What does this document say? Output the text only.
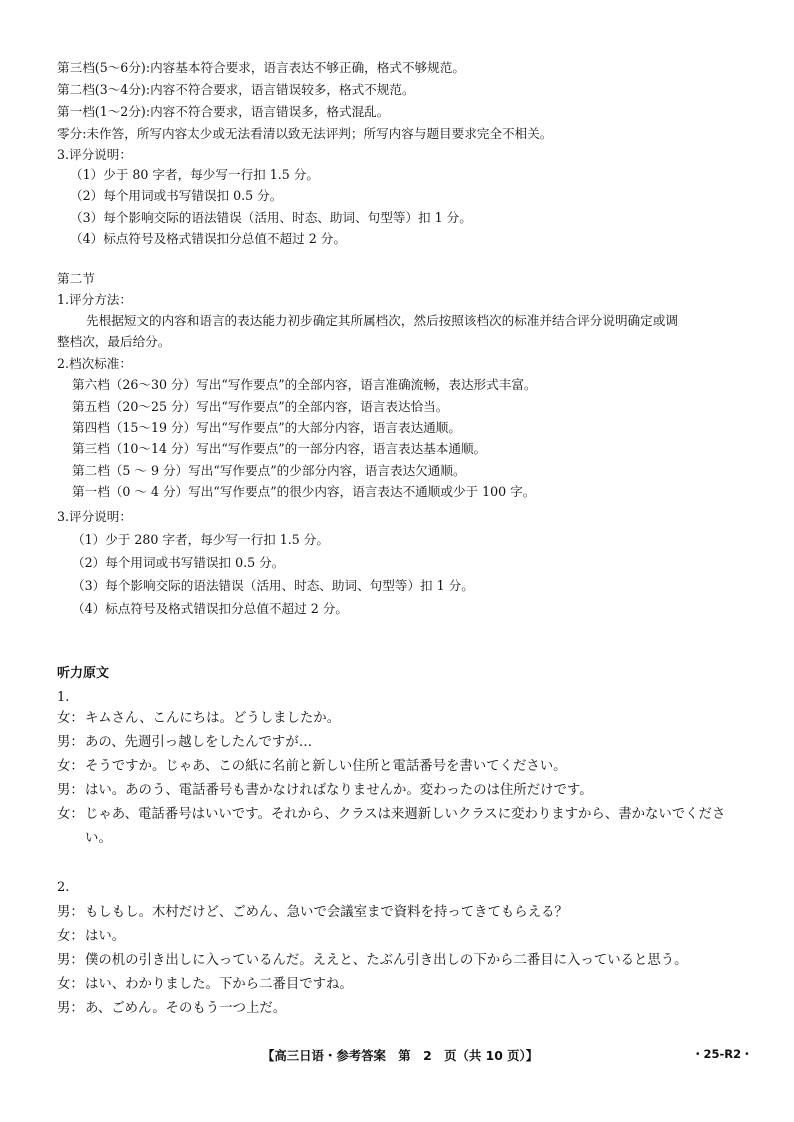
第三档(5～6分):内容基本符合要求，语言表达不够正确，格式不够规范。
第二档(3～4分):内容不符合要求，语言错误较多，格式不规范。
第一档(1～2分):内容不符合要求，语言错误多，格式混乱。
零分:未作答，所写内容太少或无法看清以致无法评判；所写内容与题目要求完全不相关。
3.评分说明：
（1）少于 80 字者，每少写一行扣 1.5 分。
（2）每个用词或书写错误扣 0.5 分。
（3）每个影响交际的语法错误（活用、时态、助词、句型等）扣 1 分。
（4）标点符号及格式错误扣分总值不超过 2 分。
第二节
1.评分方法：
先根据短文的内容和语言的表达能力初步确定其所属档次，然后按照该档次的标准并结合评分说明确定或调
整档次，最后给分。
2.档次标准：
第六档（26～30 分）写出“写作要点”的全部内容，语言准确流畅，表达形式丰富。
第五档（20～25 分）写出“写作要点”的全部内容，语言表达恰当。
第四档（15～19 分）写出“写作要点”的大部分内容，语言表达通顺。
第三档（10～14 分）写出“写作要点”的一部分内容，语言表达基本通顺。
第二档（5 ～ 9 分）写出“写作要点”的少部分内容，语言表达欠通顺。
第一档（0 ～ 4 分）写出“写作要点”的很少内容，语言表达不通顺或少于 100 字。
3.评分说明：
（1）少于 280 字者，每少写一行扣 1.5 分。
（2）每个用词或书写错误扣 0.5 分。
（3）每个影响交际的语法错误（活用、时态、助词、句型等）扣 1 分。
（4）标点符号及格式错误扣分总值不超过 2 分。
听力原文
1.
女： キムさん、こんにちは。どうしましたか。
男： あの、先週引っ越しをしたんですが…
女： そうですか。じゃあ、この紙に名前と新しい住所と電話番号を書いてください。
男： はい。あのう、電話番号も書かなければなりませんか。変わったのは住所だけです。
女： じゃあ、電話番号はいいです。それから、クラスは来週新しいクラスに変わりますから、書かないでください。
2.
男： もしもし。木村だけど、ごめん、急いで会議室まで資料を持ってきてもらえる？
女： はい。
男： 僕の机の引き出しに入っているんだ。ええと、たぶん引き出しの下から二番目に入っていると思う。
女： はい、わかりました。下から二番目ですね。
男： あ、ごめん。そのもう一つ上だ。
【高三日语・参考答案　第　2　页（共 10 页）】	・25-R2・
